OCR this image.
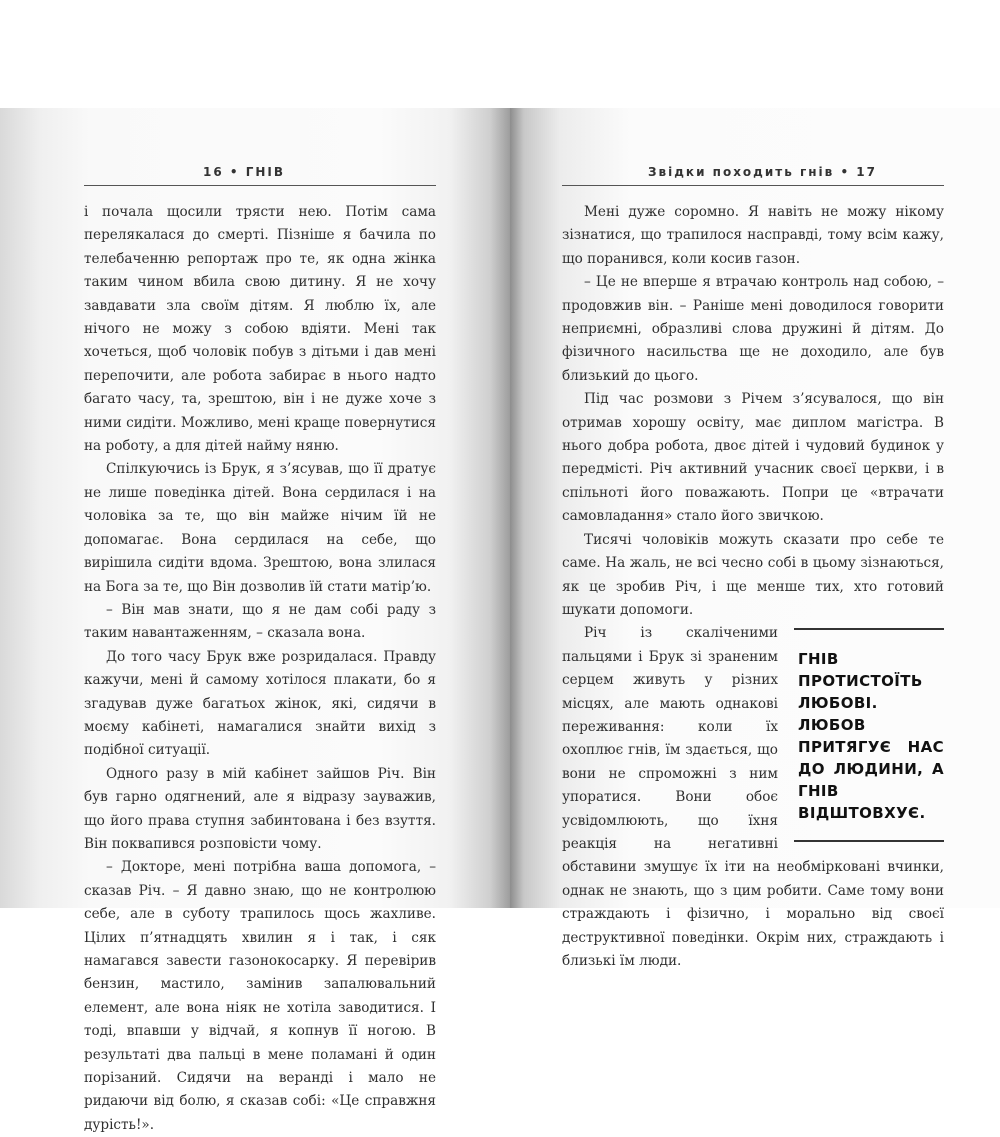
16 • ГНІВ

і почала щосили трясти нею. Потім сама перелякалася до смерті. Пізніше я бачила по телебаченню репортаж про те, як одна жінка таким чином вбила свою дитину. Я не хочу завдавати зла своїм дітям. Я люблю їх, але нічого не можу з собою вдіяти. Мені так хочеться, щоб чоловік побув з дітьми і дав мені перепочити, але робота забирає в нього надто багато часу, та, зрештою, він і не дуже хоче з ними сидіти. Можливо, мені краще повернутися на роботу, а для дітей найму няню.

Спілкуючись із Брук, я з’ясував, що її дратує не лише поведінка дітей. Вона сердилася і на чоловіка за те, що він майже нічим їй не допомагає. Вона сердилася на себе, що вирішила сидіти вдома. Зрештою, вона злилася на Бога за те, що Він дозволив їй стати матір’ю.

– Він мав знати, що я не дам собі раду з таким навантаженням, – сказала вона.

До того часу Брук вже розридалася. Правду кажучи, мені й самому хотілося плакати, бо я згадував дуже багатьох жінок, які, сидячи в моєму кабінеті, намагалися знайти вихід з подібної ситуації.

Одного разу в мій кабінет зайшов Річ. Він був гарно одягнений, але я відразу зауважив, що його права ступня забинтована і без взуття. Він поквапився розповісти чому.

– Докторе, мені потрібна ваша допомога, – сказав Річ. – Я давно знаю, що не контролюю себе, але в суботу трапилось щось жахливе. Цілих п’ятнадцять хвилин я і так, і сяк намагався завести газонокосарку. Я перевірив бензин, мастило, замінив запалювальний елемент, але вона ніяк не хотіла заводитися. І тоді, впавши у відчай, я копнув її ногою. В результаті два пальці в мене поламані й один порізаний. Сидячи на веранді і мало не ридаючи від болю, я сказав собі: «Це справжня дурість!».

Звідки походить гнів • 17

Мені дуже соромно. Я навіть не можу нікому зізнатися, що трапилося насправді, тому всім кажу, що поранився, коли косив газон.

– Це не вперше я втрачаю контроль над собою, – продовжив він. – Раніше мені доводилося говорити неприємні, образливі слова дружині й дітям. До фізичного насильства ще не доходило, але був близький до цього.

Під час розмови з Річем з’ясувалося, що він отримав хорошу освіту, має диплом магістра. В нього добра робота, двоє дітей і чудовий будинок у передмісті. Річ активний учасник своєї церкви, і в спільноті його поважають. Попри це «втрачати самовладання» стало його звичкою.

Тисячі чоловіків можуть сказати про себе те саме. На жаль, не всі чесно собі в цьому зізнаються, як це зробив Річ, і ще менше тих, хто готовий шукати допомоги.

ГНІВ ПРОТИСТОЇТЬ ЛЮБОВІ. ЛЮБОВ ПРИТЯГУЄ НАС ДО ЛЮДИНИ, А ГНІВ ВІДШТОВХУЄ.

Річ із скаліченими пальцями і Брук зі зраненим серцем живуть у різних місцях, але мають однакові переживання: коли їх охоплює гнів, їм здається, що вони не спроможні з ним упоратися. Вони обоє усвідомлюють, що їхня реакція на негативні обставини змушує їх іти на необмірковані вчинки, однак не знають, що з цим робити. Саме тому вони страждають і фізично, і морально від своєї деструктивної поведінки. Окрім них, страждають і близькі їм люди.
